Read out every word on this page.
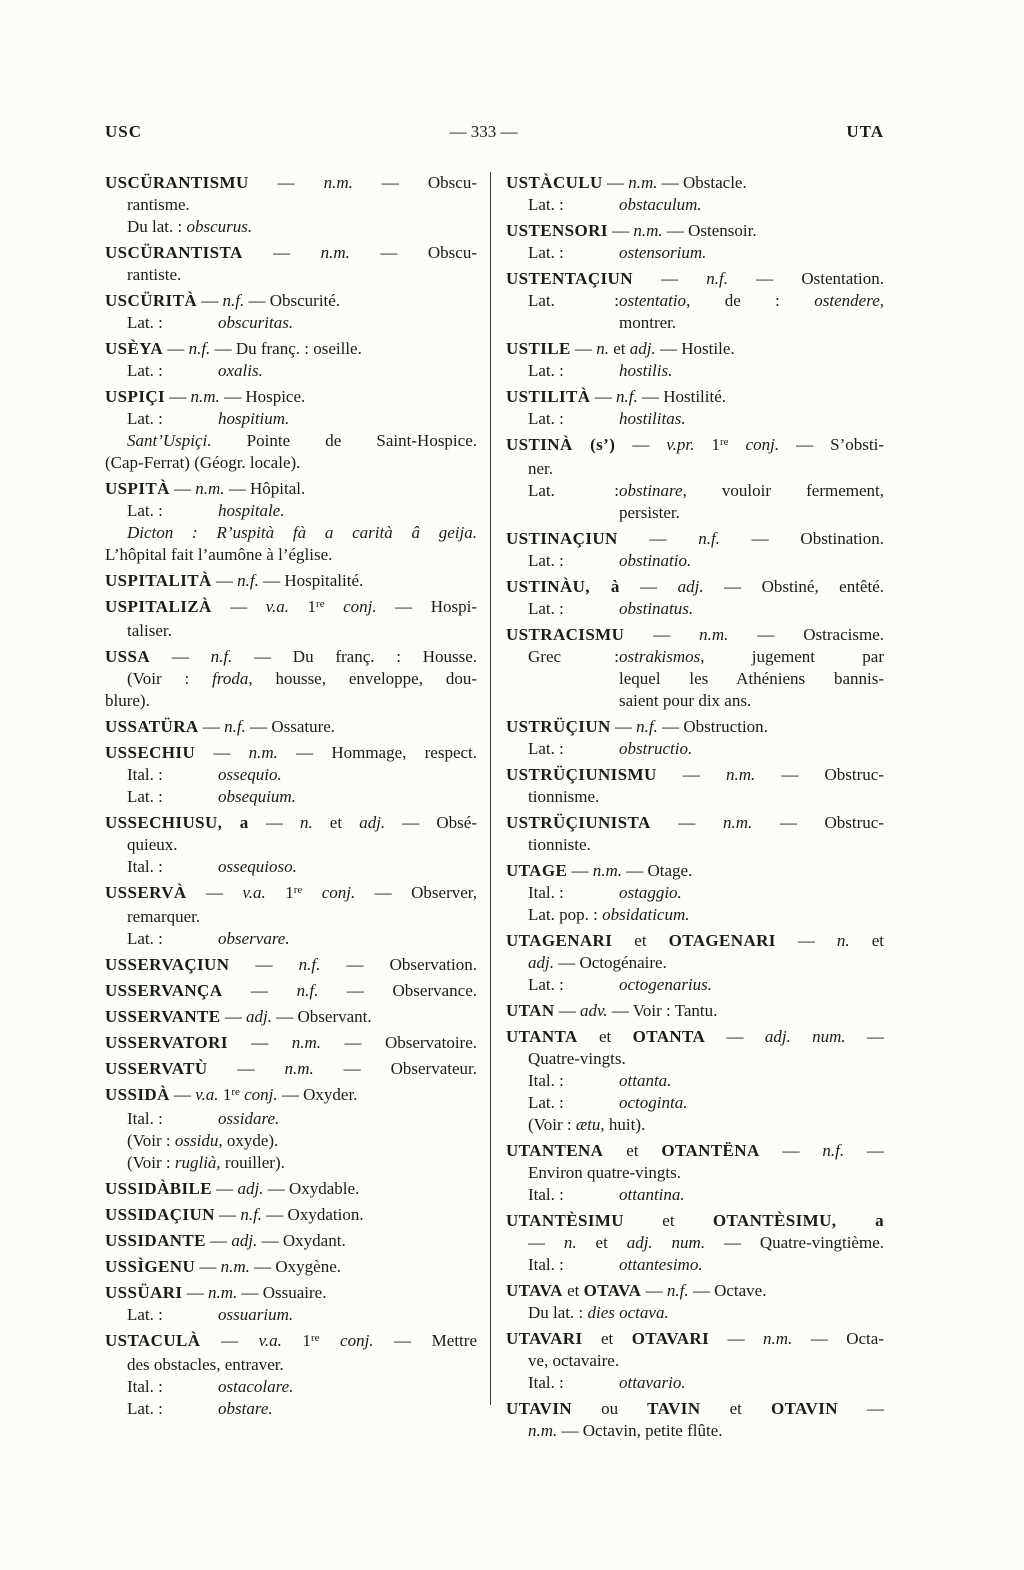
USC	— 333 —	UTA
USCÜRANTISMU — n.m. — Obscu-
rantisme.
Du lat. : obscurus.
USCÜRANTISTA — n.m. — Obscu-
rantiste.
USCÜRITÀ — n.f. — Obscurité.
Lat. :	obscuritas.
USÈYA — n.f. — Du franç. : oseille.
Lat. :	oxalis.
USPIÇI — n.m. — Hospice.
Lat. :	hospitium.
Sant’Uspiçi. Pointe de Saint-Hospice.
(Cap-Ferrat) (Géogr. locale).
USPITÀ — n.m. — Hôpital.
Lat. :	hospitale.
Dicton : R’uspità fà a carità â geija.
L’hôpital fait l’aumône à l’église.
USPITALITÀ — n.f. — Hospitalité.
USPITALIZÀ — v.a. 1re conj. — Hospi-
taliser.
USSA — n.f. — Du franç. : Housse.
(Voir : froda, housse, enveloppe, dou-
blure).
USSATÜRA — n.f. — Ossature.
USSECHIU — n.m. — Hommage, respect.
Ital. :	ossequio.
Lat. :	obsequium.
USSECHIUSU, a — n. et adj. — Obsé-
quieux.
Ital. :	ossequioso.
USSERVÀ — v.a. 1re conj. — Observer,
remarquer.
Lat. :	observare.
USSERVAÇIUN — n.f. — Observation.
USSERVANÇA — n.f. — Observance.
USSERVANTE — adj. — Observant.
USSERVATORI — n.m. — Observatoire.
USSERVATÙ — n.m. — Observateur.
USSIDÀ — v.a. 1re conj. — Oxyder.
Ital. :	ossidare.
(Voir : ossidu, oxyde).
(Voir : ruglià, rouiller).
USSIDÀBILE — adj. — Oxydable.
USSIDAÇIUN — n.f. — Oxydation.
USSIDANTE — adj. — Oxydant.
USSÌGENU — n.m. — Oxygène.
USSÜARI — n.m. — Ossuaire.
Lat. :	ossuarium.
USTACULÀ — v.a. 1re conj. — Mettre
des obstacles, entraver.
Ital. :	ostacolare.
Lat. :	obstare.
USTÀCULU — n.m. — Obstacle.
Lat. :	obstaculum.
USTENSORI — n.m. — Ostensoir.
Lat. :	ostensorium.
USTENTAÇIUN — n.f. — Ostentation.
Lat. :ostentatio, de : ostendere,
montrer.
USTILE — n. et adj. — Hostile.
Lat. :	hostilis.
USTILITÀ — n.f. — Hostilité.
Lat. :	hostilitas.
USTINÀ (s’) — v.pr. 1re conj. — S’obsti-
ner.
Lat. :obstinare, vouloir fermement,
persister.
USTINAÇIUN — n.f. — Obstination.
Lat. :	obstinatio.
USTINÀU, à — adj. — Obstiné, entêté.
Lat. :	obstinatus.
USTRACISMU — n.m. — Ostracisme.
Grec :ostrakismos, jugement par
lequel les Athéniens bannis-
saient pour dix ans.
USTRÜÇIUN — n.f. — Obstruction.
Lat. :	obstructio.
USTRÜÇIUNISMU — n.m. — Obstruc-
tionnisme.
USTRÜÇIUNISTA — n.m. — Obstruc-
tionniste.
UTAGE — n.m. — Otage.
Ital. :	ostaggio.
Lat. pop. : obsidaticum.
UTAGENARI et OTAGENARI — n. et
adj. — Octogénaire.
Lat. :	octogenarius.
UTAN — adv. — Voir : Tantu.
UTANTA et OTANTA — adj. num. —
Quatre-vingts.
Ital. :	ottanta.
Lat. :	octoginta.
(Voir : ætu, huit).
UTANTENA et OTANTËNA — n.f. —
Environ quatre-vingts.
Ital. :	ottantina.
UTANTÈSIMU et OTANTÈSIMU, a
— n. et adj. num. — Quatre-vingtième.
Ital. :	ottantesimo.
UTAVA et OTAVA — n.f. — Octave.
Du lat. : dies octava.
UTAVARI et OTAVARI — n.m. — Octa-
ve, octavaire.
Ital. :	ottavario.
UTAVIN ou TAVIN et OTAVIN —
n.m. — Octavin, petite flûte.
